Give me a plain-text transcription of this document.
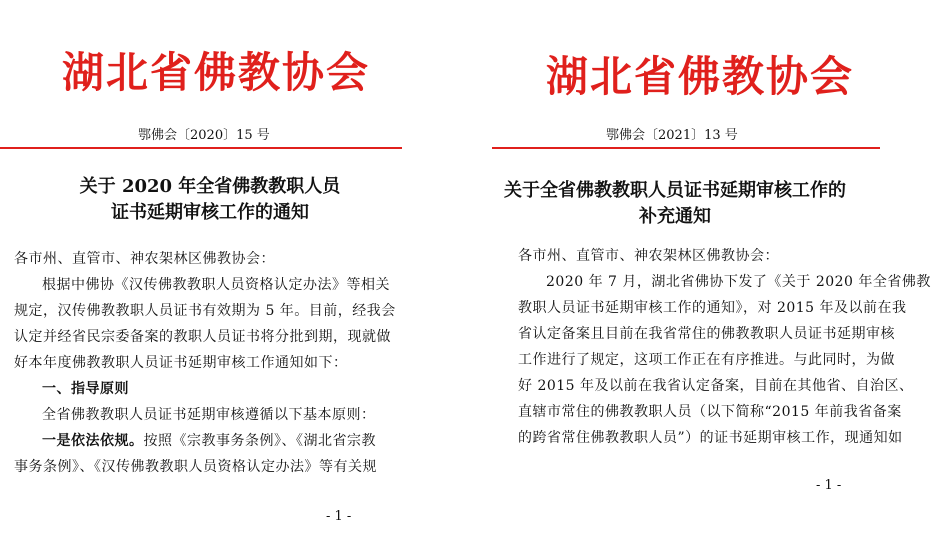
湖北省佛教协会
鄂佛会〔2020〕15 号
关于 2020 年全省佛教教职人员
证书延期审核工作的通知
各市州、直管市、神农架林区佛教协会：
根据中佛协《汉传佛教教职人员资格认定办法》等相关
规定，汉传佛教教职人员证书有效期为 5 年。目前，经我会
认定并经省民宗委备案的教职人员证书将分批到期，现就做
好本年度佛教教职人员证书延期审核工作通知如下：
一、指导原则
全省佛教教职人员证书延期审核遵循以下基本原则：
一是依法依规。按照《宗教事务条例》、《湖北省宗教
事务条例》、《汉传佛教教职人员资格认定办法》等有关规
- 1 -
湖北省佛教协会
鄂佛会〔2021〕13 号
关于全省佛教教职人员证书延期审核工作的
补充通知
各市州、直管市、神农架林区佛教协会：
2020 年 7 月，湖北省佛协下发了《关于 2020 年全省佛教
教职人员证书延期审核工作的通知》，对 2015 年及以前在我
省认定备案且目前在我省常住的佛教教职人员证书延期审核
工作进行了规定，这项工作正在有序推进。与此同时，为做
好 2015 年及以前在我省认定备案，目前在其他省、自治区、
直辖市常住的佛教教职人员（以下简称“2015 年前我省备案
的跨省常住佛教教职人员”）的证书延期审核工作，现通知如
- 1 -
